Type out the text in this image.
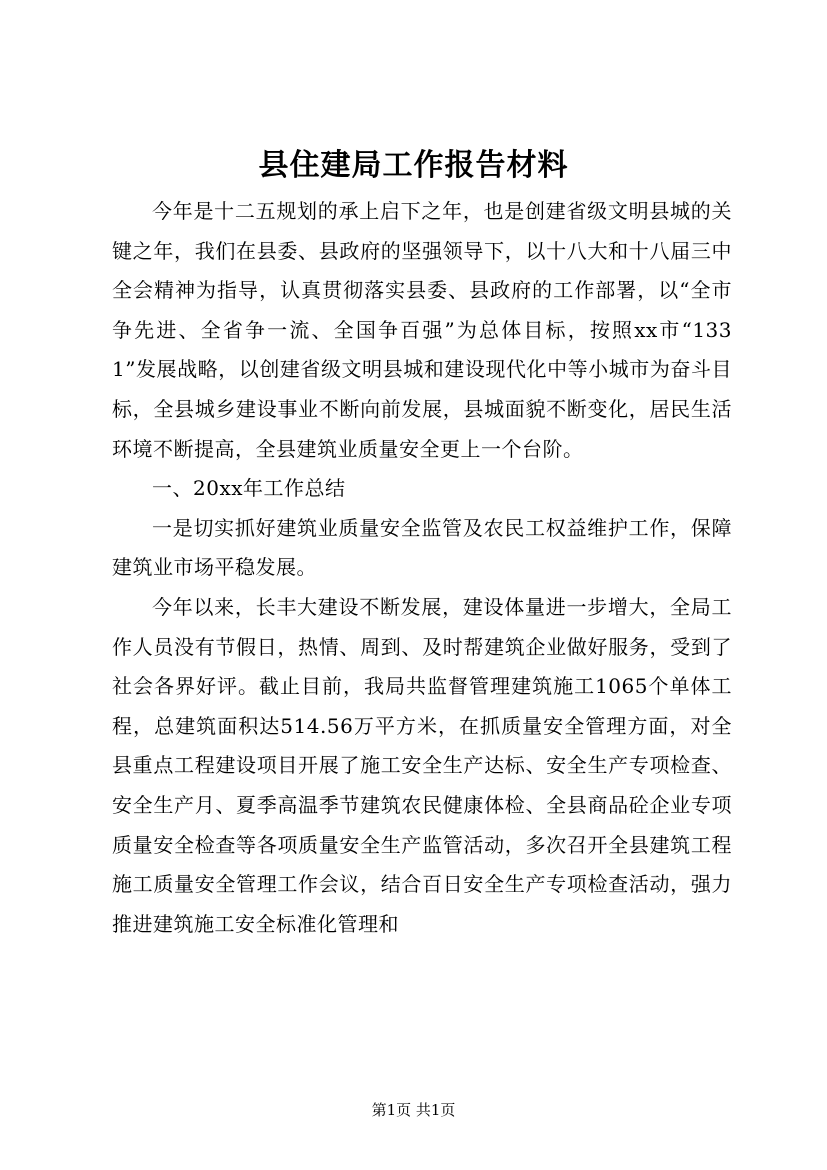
县住建局工作报告材料

今年是十二五规划的承上启下之年，也是创建省级文明县城的关键之年，我们在县委、县政府的坚强领导下，以十八大和十八届三中全会精神为指导，认真贯彻落实县委、县政府的工作部署，以“全市争先进、全省争一流、全国争百强”为总体目标，按照xx市“1331”发展战略，以创建省级文明县城和建设现代化中等小城市为奋斗目标，全县城乡建设事业不断向前发展，县城面貌不断变化，居民生活环境不断提高，全县建筑业质量安全更上一个台阶。

一、20xx年工作总结

一是切实抓好建筑业质量安全监管及农民工权益维护工作，保障建筑业市场平稳发展。

今年以来，长丰大建设不断发展，建设体量进一步增大，全局工作人员没有节假日，热情、周到、及时帮建筑企业做好服务，受到了社会各界好评。截止目前，我局共监督管理建筑施工1065个单体工程，总建筑面积达514.56万平方米，在抓质量安全管理方面，对全县重点工程建设项目开展了施工安全生产达标、安全生产专项检查、安全生产月、夏季高温季节建筑农民健康体检、全县商品砼企业专项质量安全检查等各项质量安全生产监管活动，多次召开全县建筑工程施工质量安全管理工作会议，结合百日安全生产专项检查活动，强力推进建筑施工安全标准化管理和

第1页 共1页
